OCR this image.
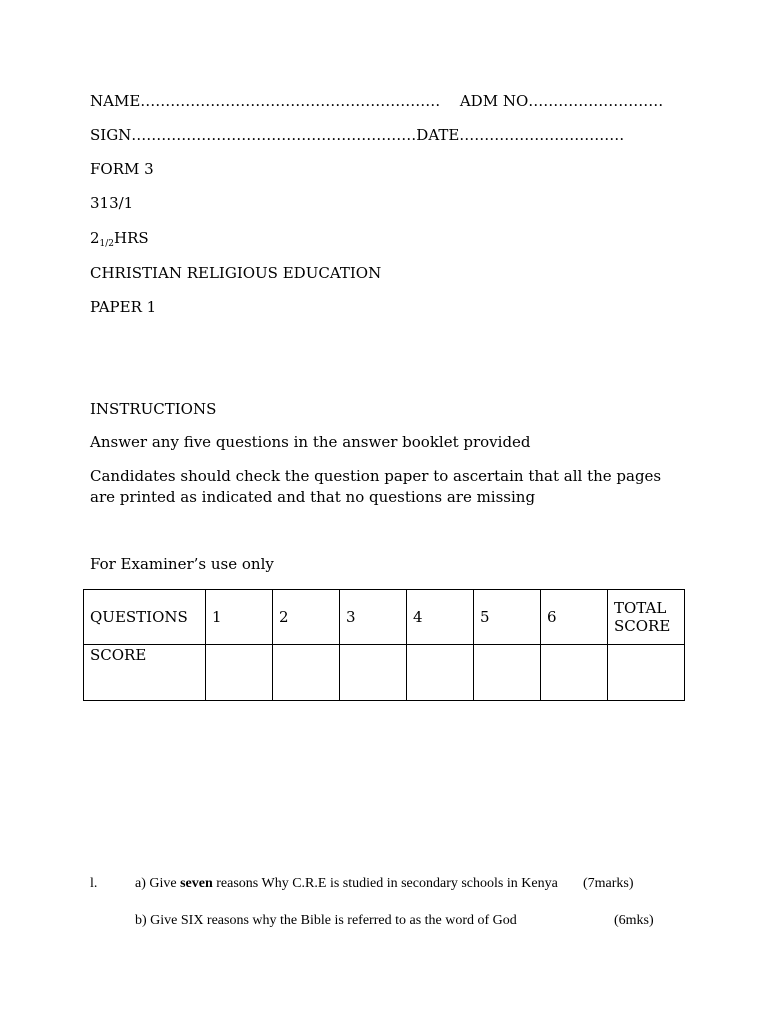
NAME…………………………………………………… ADM NO………………………
SIGN…………………………………………………DATE……………………………
FORM 3
313/1
$2_{1/2}HRS$
CHRISTIAN RELIGIOUS EDUCATION
PAPER 1
INSTRUCTIONS
Answer any five questions in the answer booklet provided
Candidates should check the question paper to ascertain that all the pages are printed as indicated and that no questions are missing
For Examiner’s use only
QUESTIONS	1	2	3	4	5	6	TOTAL SCORE
SCORE							
l.	a) Give seven reasons Why C.R.E is studied in secondary schools in Kenya (7marks)
b) Give SIX reasons why the Bible is referred to as the word of God	(6mks)
